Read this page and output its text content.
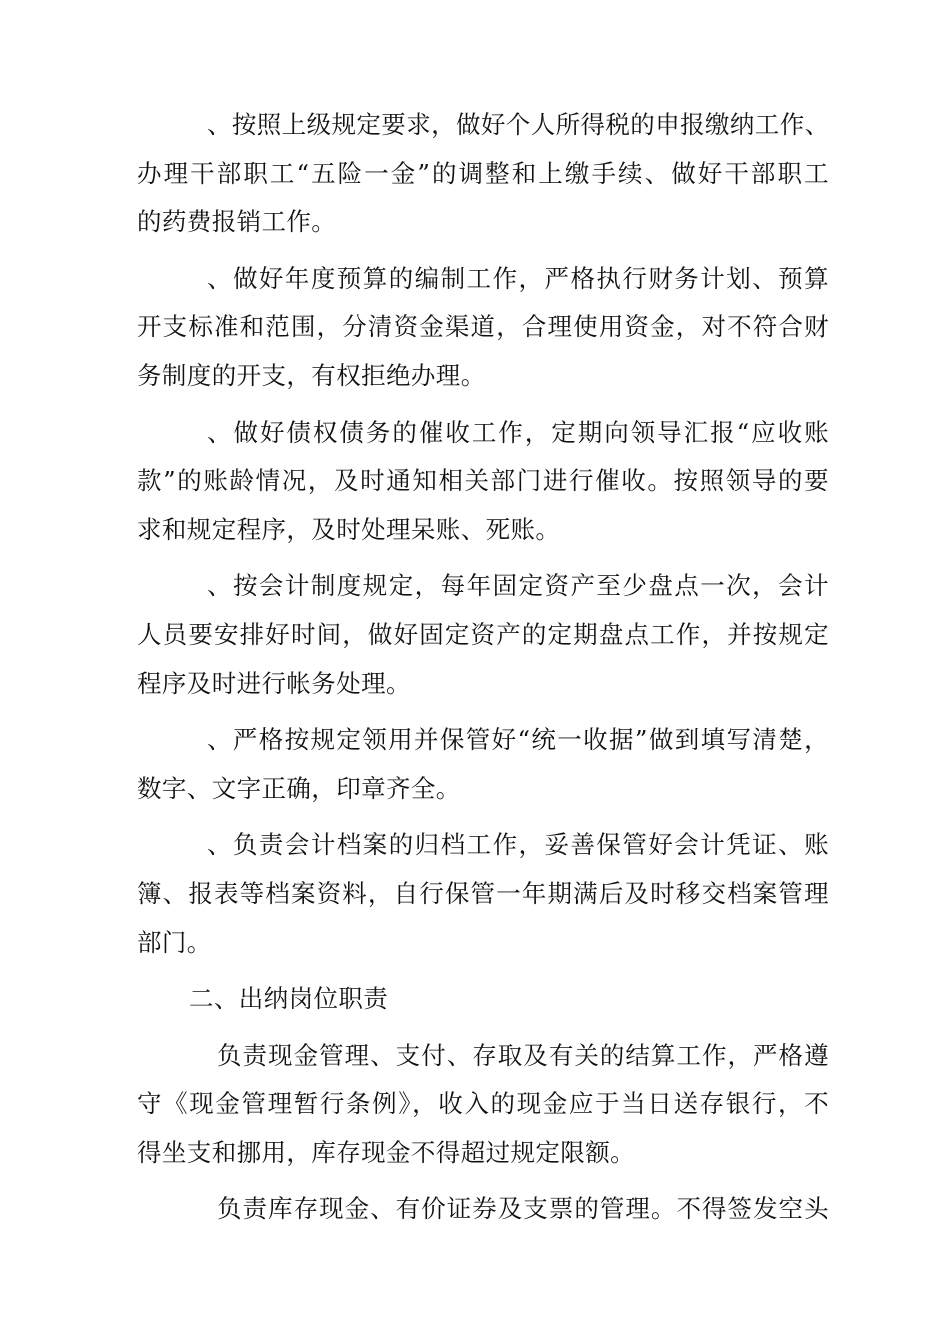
、按照上级规定要求，做好个人所得税的申报缴纳工作、
办理干部职工“五险一金”的调整和上缴手续、做好干部职工
的药费报销工作。
、做好年度预算的编制工作，严格执行财务计划、预算
开支标准和范围，分清资金渠道，合理使用资金，对不符合财
务制度的开支，有权拒绝办理。
、做好债权债务的催收工作，定期向领导汇报“应收账
款”的账龄情况，及时通知相关部门进行催收。按照领导的要
求和规定程序，及时处理呆账、死账。
、按会计制度规定，每年固定资产至少盘点一次，会计
人员要安排好时间，做好固定资产的定期盘点工作，并按规定
程序及时进行帐务处理。
、严格按规定领用并保管好“统一收据”做到填写清楚，
数字、文字正确，印章齐全。
、负责会计档案的归档工作，妥善保管好会计凭证、账
簿、报表等档案资料，自行保管一年期满后及时移交档案管理
部门。
二、出纳岗位职责
负责现金管理、支付、存取及有关的结算工作，严格遵
守《现金管理暂行条例》，收入的现金应于当日送存银行，不
得坐支和挪用，库存现金不得超过规定限额。
负责库存现金、有价证券及支票的管理。不得签发空头
